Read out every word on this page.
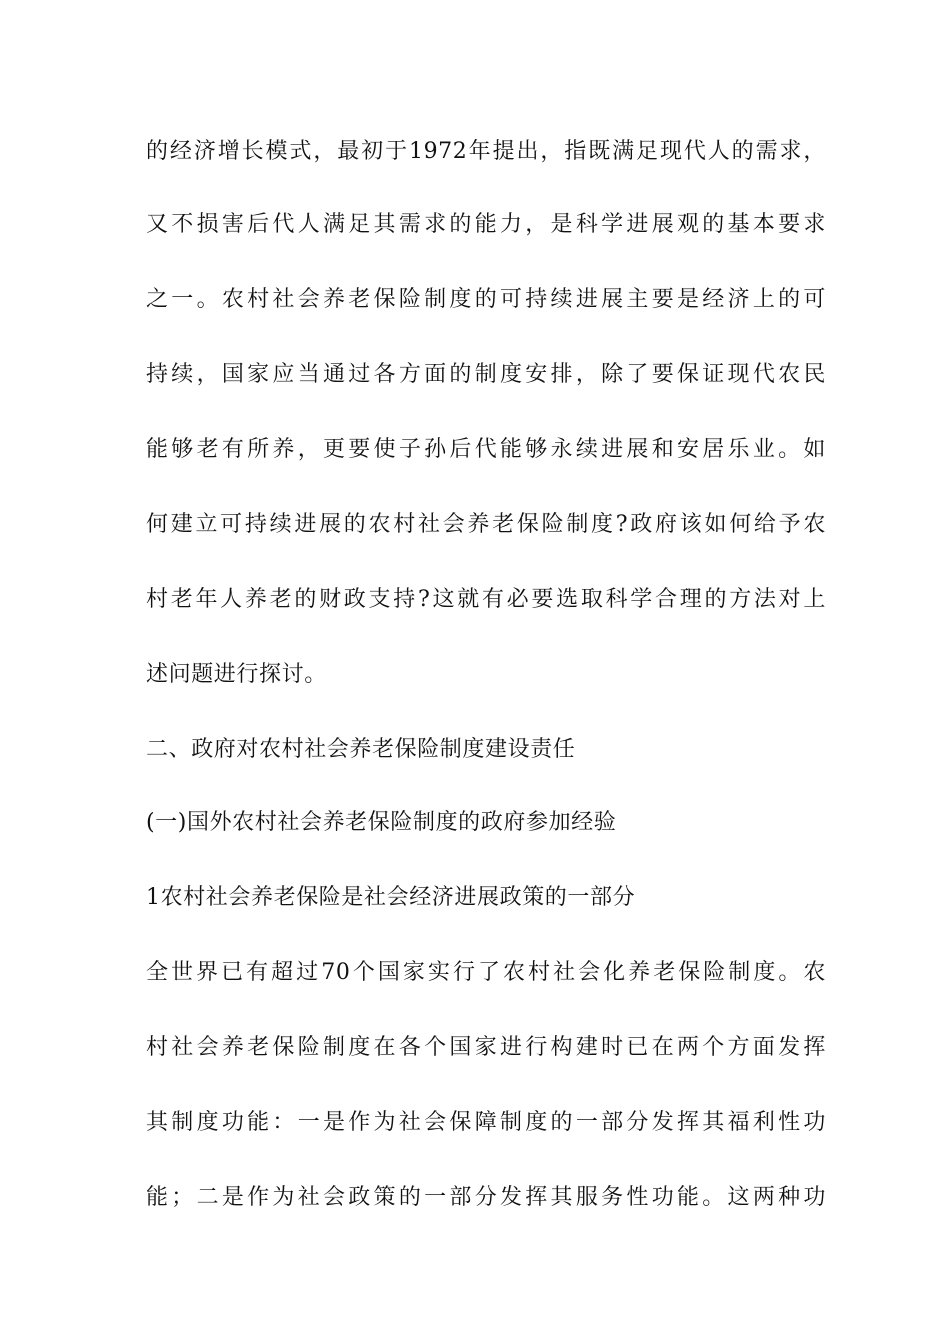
的经济增长模式，最初于1972年提出，指既满足现代人的需求，
又不损害后代人满足其需求的能力，是科学进展观的基本要求
之一。农村社会养老保险制度的可持续进展主要是经济上的可
持续，国家应当通过各方面的制度安排，除了要保证现代农民
能够老有所养，更要使子孙后代能够永续进展和安居乐业。如
何建立可持续进展的农村社会养老保险制度?政府该如何给予农
村老年人养老的财政支持?这就有必要选取科学合理的方法对上
述问题进行探讨。
二、政府对农村社会养老保险制度建设责任
(一)国外农村社会养老保险制度的政府参加经验
1农村社会养老保险是社会经济进展政策的一部分
全世界已有超过70个国家实行了农村社会化养老保险制度。农
村社会养老保险制度在各个国家进行构建时已在两个方面发挥
其制度功能：一是作为社会保障制度的一部分发挥其福利性功
能；二是作为社会政策的一部分发挥其服务性功能。这两种功
